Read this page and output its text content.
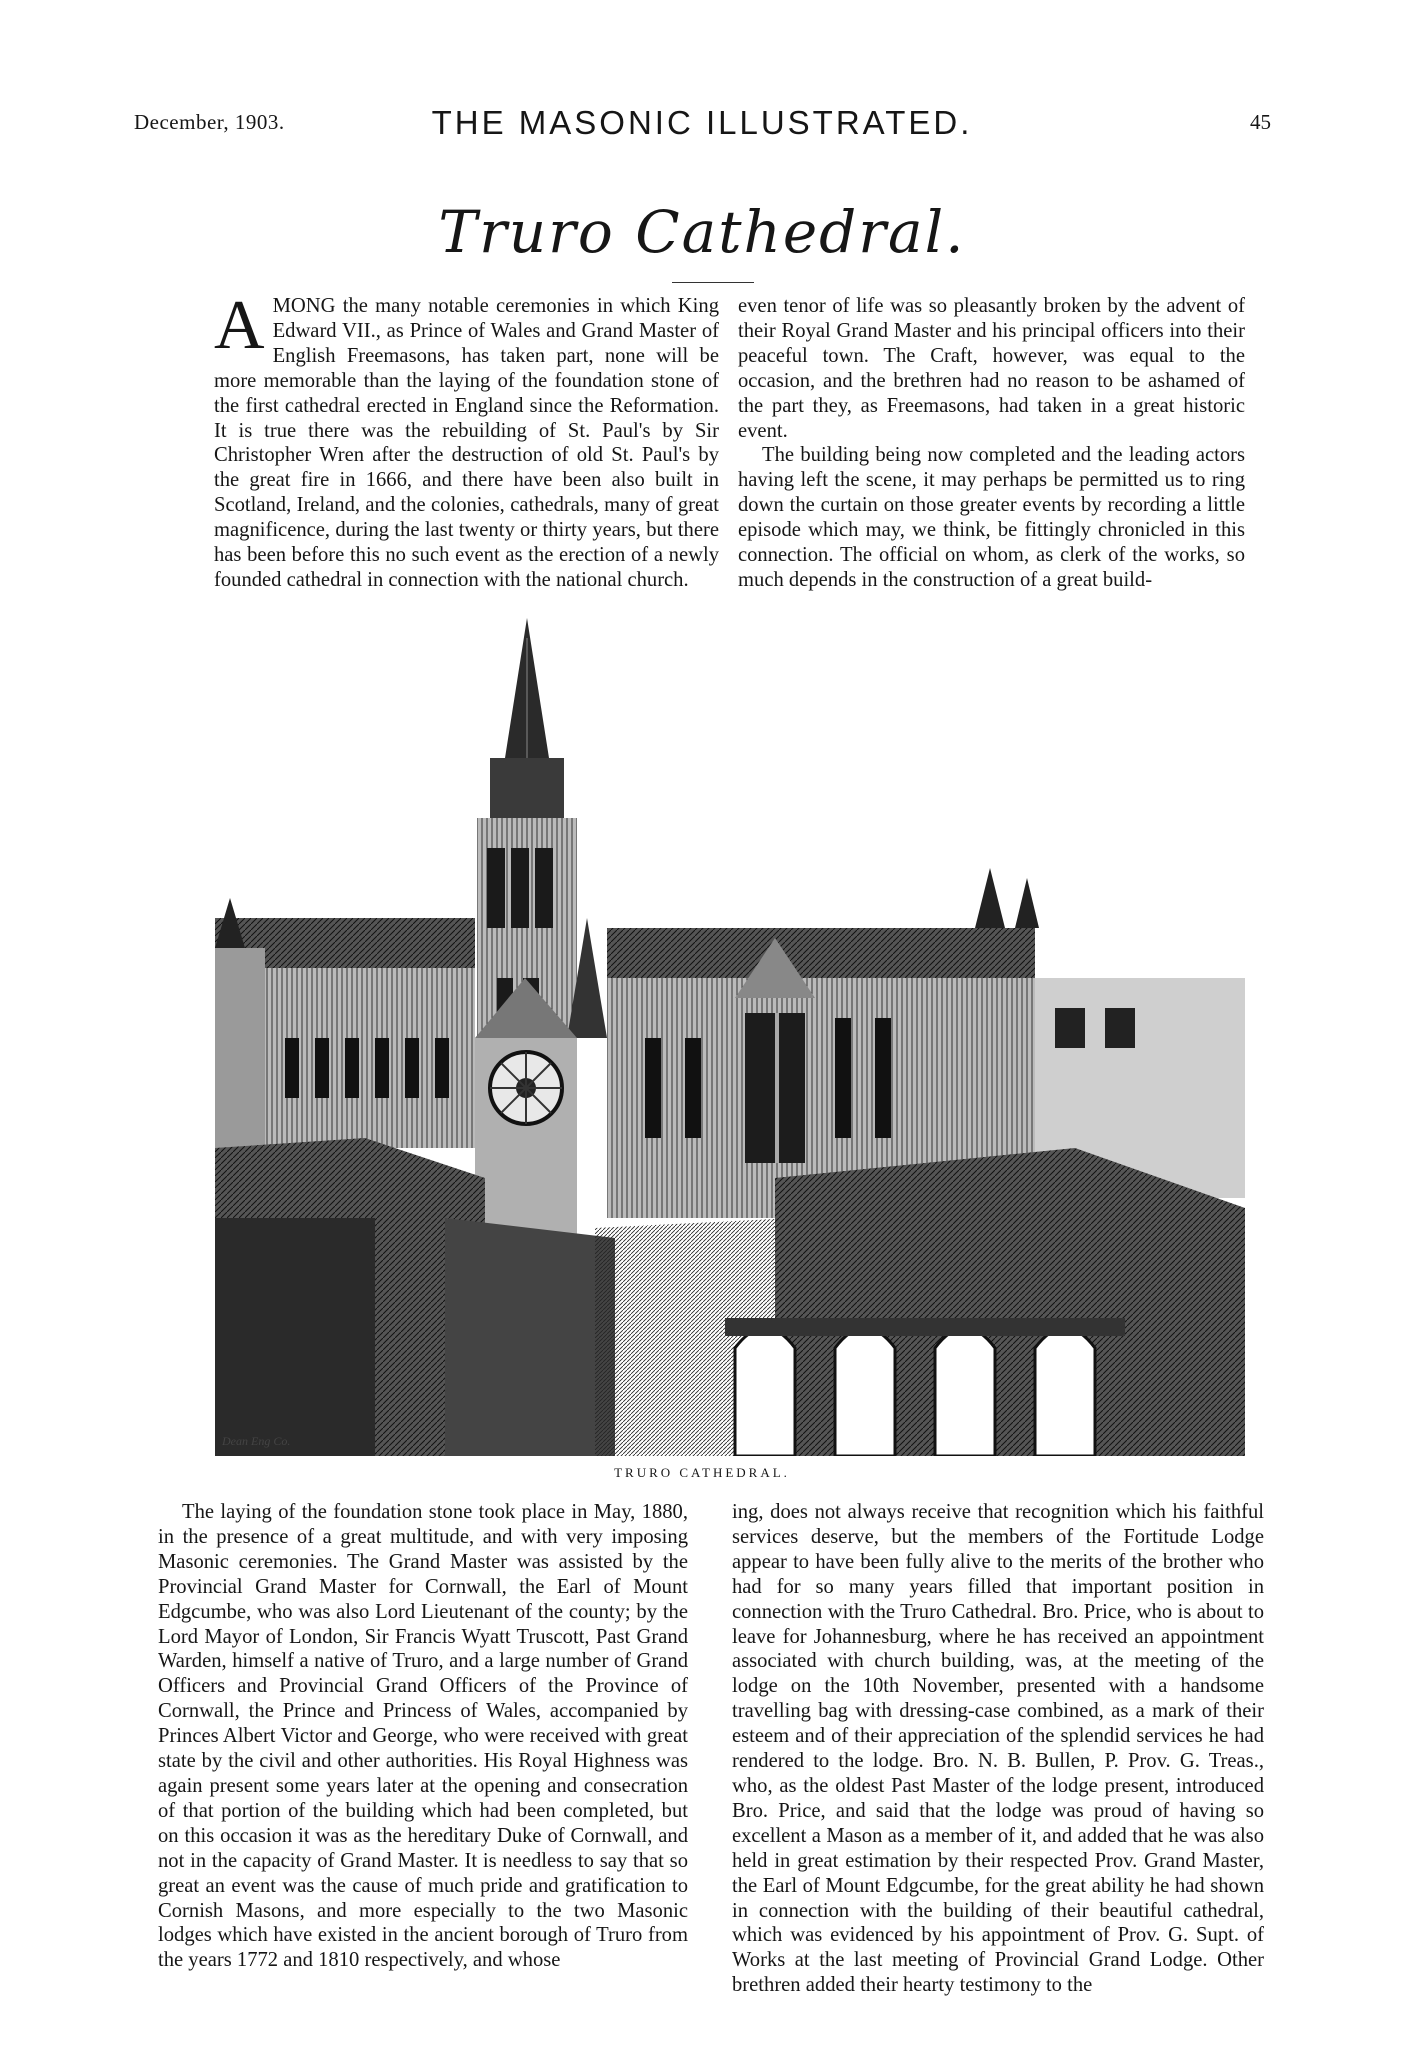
December, 1903.	THE MASONIC ILLUSTRATED.	45
Truro Cathedral.

AMONG the many notable ceremonies in which King Edward VII., as Prince of Wales and Grand Master of English Freemasons, has taken part, none will be more memorable than the laying of the foundation stone of the first cathedral erected in England since the Reformation. It is true there was the rebuilding of St. Paul's by Sir Christopher Wren after the destruction of old St. Paul's by the great fire in 1666, and there have been also built in Scotland, Ireland, and the colonies, cathedrals, many of great magnificence, during the last twenty or thirty years, but there has been before this no such event as the erection of a newly founded cathedral in connection with the national church.

even tenor of life was so pleasantly broken by the advent of their Royal Grand Master and his principal officers into their peaceful town. The Craft, however, was equal to the occasion, and the brethren had no reason to be ashamed of the part they, as Freemasons, had taken in a great historic event.

The building being now completed and the leading actors having left the scene, it may perhaps be permitted us to ring down the curtain on those greater events by recording a little episode which may, we think, be fittingly chronicled in this connection. The official on whom, as clerk of the works, so much depends in the construction of a great build-

Dean Eng Co.
TRURO CATHEDRAL.

The laying of the foundation stone took place in May, 1880, in the presence of a great multitude, and with very imposing Masonic ceremonies. The Grand Master was assisted by the Provincial Grand Master for Cornwall, the Earl of Mount Edgcumbe, who was also Lord Lieutenant of the county; by the Lord Mayor of London, Sir Francis Wyatt Truscott, Past Grand Warden, himself a native of Truro, and a large number of Grand Officers and Provincial Grand Officers of the Province of Cornwall, the Prince and Princess of Wales, accompanied by Princes Albert Victor and George, who were received with great state by the civil and other authorities. His Royal Highness was again present some years later at the opening and consecration of that portion of the building which had been completed, but on this occasion it was as the hereditary Duke of Cornwall, and not in the capacity of Grand Master. It is needless to say that so great an event was the cause of much pride and gratification to Cornish Masons, and more especially to the two Masonic lodges which have existed in the ancient borough of Truro from the years 1772 and 1810 respectively, and whose

ing, does not always receive that recognition which his faithful services deserve, but the members of the Fortitude Lodge appear to have been fully alive to the merits of the brother who had for so many years filled that important position in connection with the Truro Cathedral. Bro. Price, who is about to leave for Johannesburg, where he has received an appointment associated with church building, was, at the meeting of the lodge on the 10th November, presented with a handsome travelling bag with dressing-case combined, as a mark of their esteem and of their appreciation of the splendid services he had rendered to the lodge. Bro. N. B. Bullen, P. Prov. G. Treas., who, as the oldest Past Master of the lodge present, introduced Bro. Price, and said that the lodge was proud of having so excellent a Mason as a member of it, and added that he was also held in great estimation by their respected Prov. Grand Master, the Earl of Mount Edgcumbe, for the great ability he had shown in connection with the building of their beautiful cathedral, which was evidenced by his appointment of Prov. G. Supt. of Works at the last meeting of Provincial Grand Lodge. Other brethren added their hearty testimony to the
